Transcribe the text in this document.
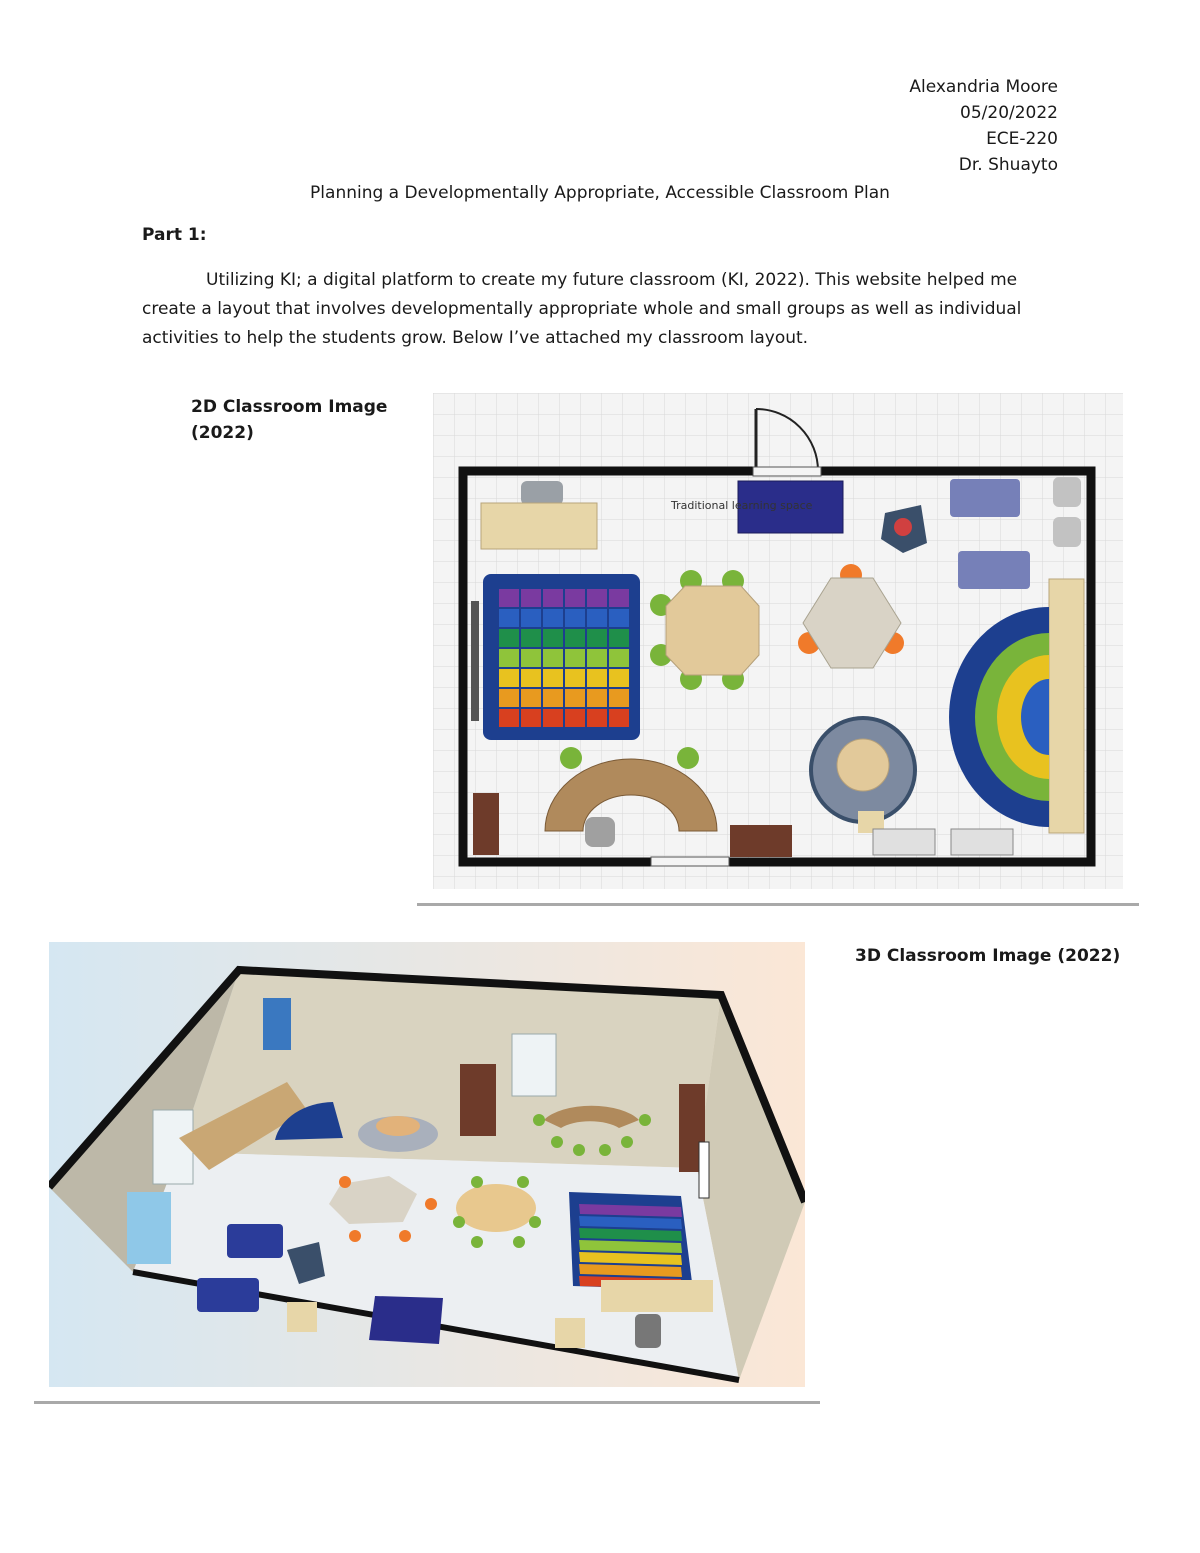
Alexandria Moore
05/20/2022
ECE-220
Dr. Shuayto
Planning a Developmentally Appropriate, Accessible Classroom Plan
Part 1:
Utilizing KI; a digital platform to create my future classroom (KI, 2022). This website helped me create a layout that involves developmentally appropriate whole and small groups as well as individual activities to help the students grow. Below I’ve attached my classroom layout.
2D Classroom Image (2022)
Traditional learning space
3D Classroom Image (2022)
